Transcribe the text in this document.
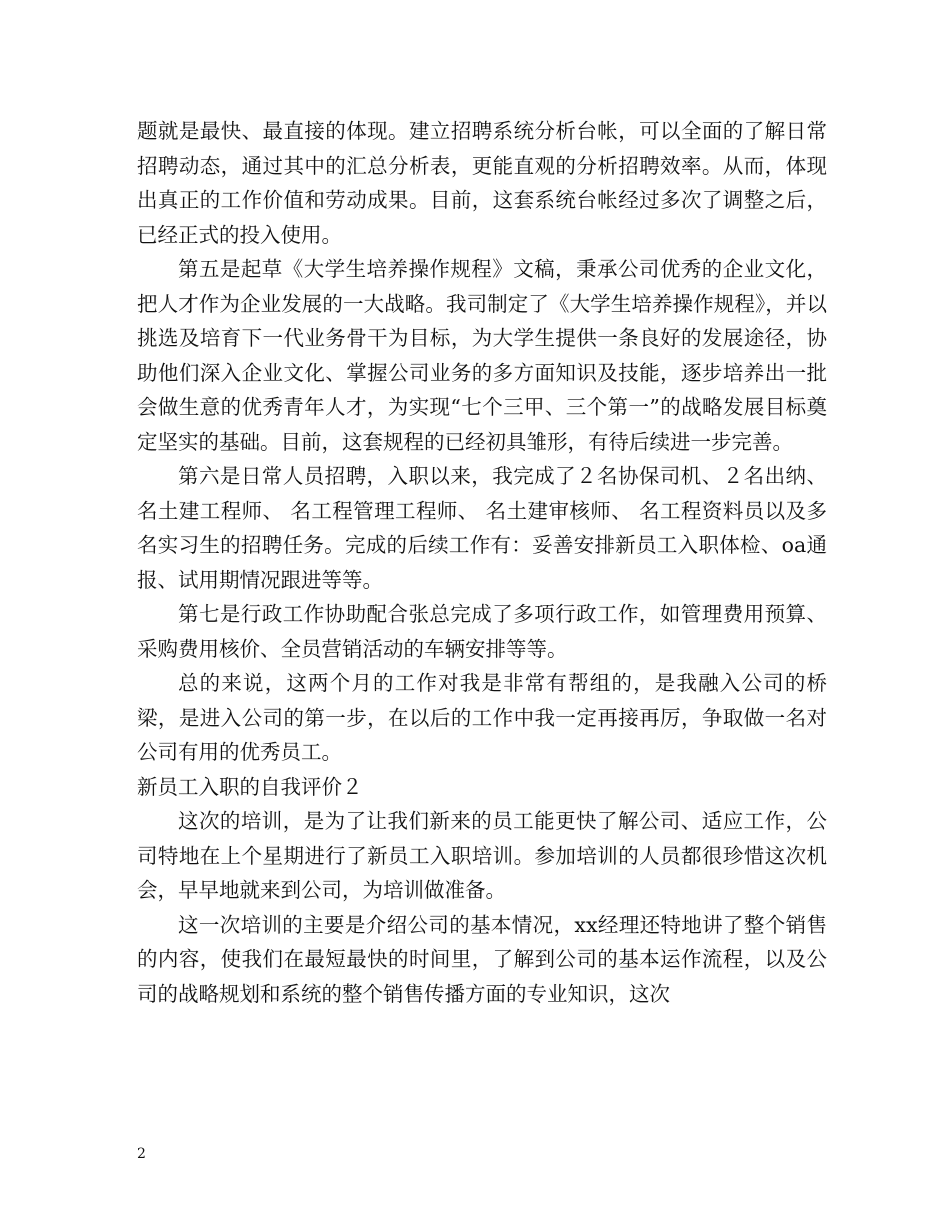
题就是最快、最直接的体现。建立招聘系统分析台帐，可以全面的了解日常招聘动态，通过其中的汇总分析表，更能直观的分析招聘效率。从而，体现出真正的工作价值和劳动成果。目前，这套系统台帐经过多次了调整之后，已经正式的投入使用。

第五是起草《大学生培养操作规程》文稿，秉承公司优秀的企业文化，把人才作为企业发展的一大战略。我司制定了《大学生培养操作规程》，并以挑选及培育下一代业务骨干为目标，为大学生提供一条良好的发展途径，协助他们深入企业文化、掌握公司业务的多方面知识及技能，逐步培养出一批会做生意的优秀青年人才，为实现“七个三甲、三个第一”的战略发展目标奠定坚实的基础。目前，这套规程的已经初具雏形，有待后续进一步完善。

第六是日常人员招聘，入职以来，我完成了２名协保司机、２名出纳、 名土建工程师、 名工程管理工程师、 名土建审核师、 名工程资料员以及多名实习生的招聘任务。完成的后续工作有：妥善安排新员工入职体检、oa通报、试用期情况跟进等等。

第七是行政工作协助配合张总完成了多项行政工作，如管理费用预算、采购费用核价、全员营销活动的车辆安排等等。

总的来说，这两个月的工作对我是非常有帮组的，是我融入公司的桥梁，是进入公司的第一步，在以后的工作中我一定再接再厉，争取做一名对公司有用的优秀员工。

新员工入职的自我评价２

这次的培训，是为了让我们新来的员工能更快了解公司、适应工作，公司特地在上个星期进行了新员工入职培训。参加培训的人员都很珍惜这次机会，早早地就来到公司，为培训做准备。

这一次培训的主要是介绍公司的基本情况，xx经理还特地讲了整个销售的内容，使我们在最短最快的时间里，了解到公司的基本运作流程，以及公司的战略规划和系统的整个销售传播方面的专业知识，这次

2
